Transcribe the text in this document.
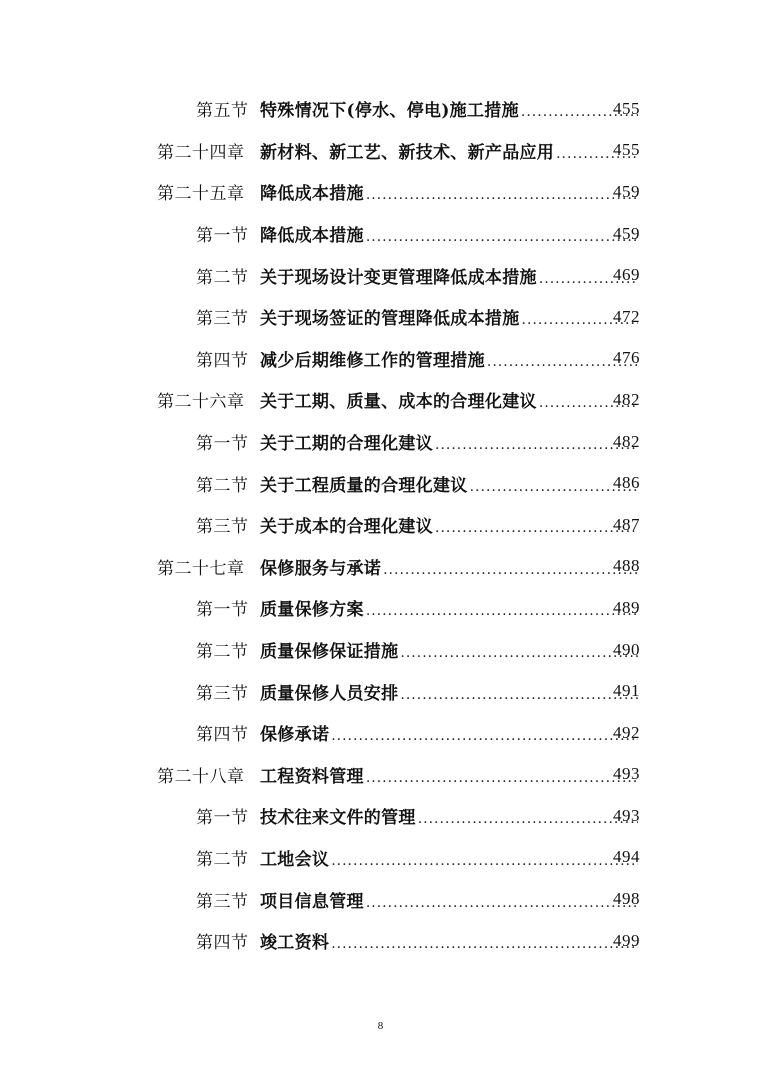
第五节 特殊情况下(停水、停电)施工措施 .....	455
第二十四章 新材料、新工艺、新技术、新产品应用 .....	455
第二十五章 降低成本措施 .....	459
第一节 降低成本措施 .....	459
第二节 关于现场设计变更管理降低成本措施 .....	469
第三节 关于现场签证的管理降低成本措施 .....	472
第四节 减少后期维修工作的管理措施 .....	476
第二十六章 关于工期、质量、成本的合理化建议 .....	482
第一节 关于工期的合理化建议 .....	482
第二节 关于工程质量的合理化建议 .....	486
第三节 关于成本的合理化建议 .....	487
第二十七章 保修服务与承诺 .....	488
第一节 质量保修方案 .....	489
第二节 质量保修保证措施 .....	490
第三节 质量保修人员安排 .....	491
第四节 保修承诺 .....	492
第二十八章 工程资料管理 .....	493
第一节 技术往来文件的管理 .....	493
第二节 工地会议 .....	494
第三节 项目信息管理 .....	498
第四节 竣工资料 .....	499
8
